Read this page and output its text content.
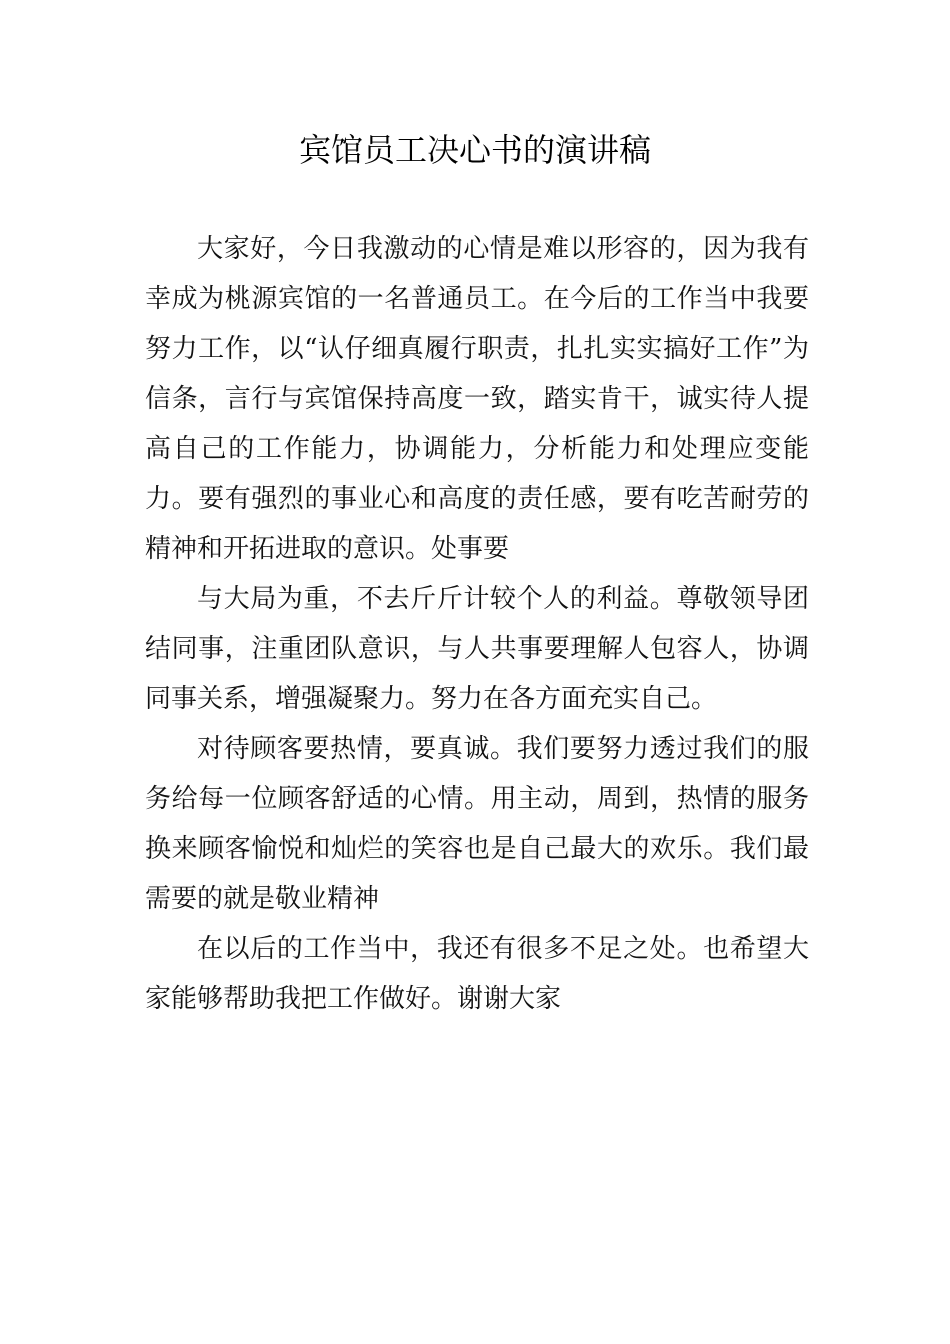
宾馆员工决心书的演讲稿

大家好，今日我激动的心情是难以形容的，因为我有幸成为桃源宾馆的一名普通员工。在今后的工作当中我要努力工作，以“认仔细真履行职责，扎扎实实搞好工作”为信条，言行与宾馆保持高度一致，踏实肯干，诚实待人提高自己的工作能力，协调能力，分析能力和处理应变能力。要有强烈的事业心和高度的责任感，要有吃苦耐劳的精神和开拓进取的意识。处事要

与大局为重，不去斤斤计较个人的利益。尊敬领导团结同事，注重团队意识，与人共事要理解人包容人，协调同事关系，增强凝聚力。努力在各方面充实自己。

对待顾客要热情，要真诚。我们要努力透过我们的服务给每一位顾客舒适的心情。用主动，周到，热情的服务换来顾客愉悦和灿烂的笑容也是自己最大的欢乐。我们最需要的就是敬业精神

在以后的工作当中，我还有很多不足之处。也希望大家能够帮助我把工作做好。谢谢大家
